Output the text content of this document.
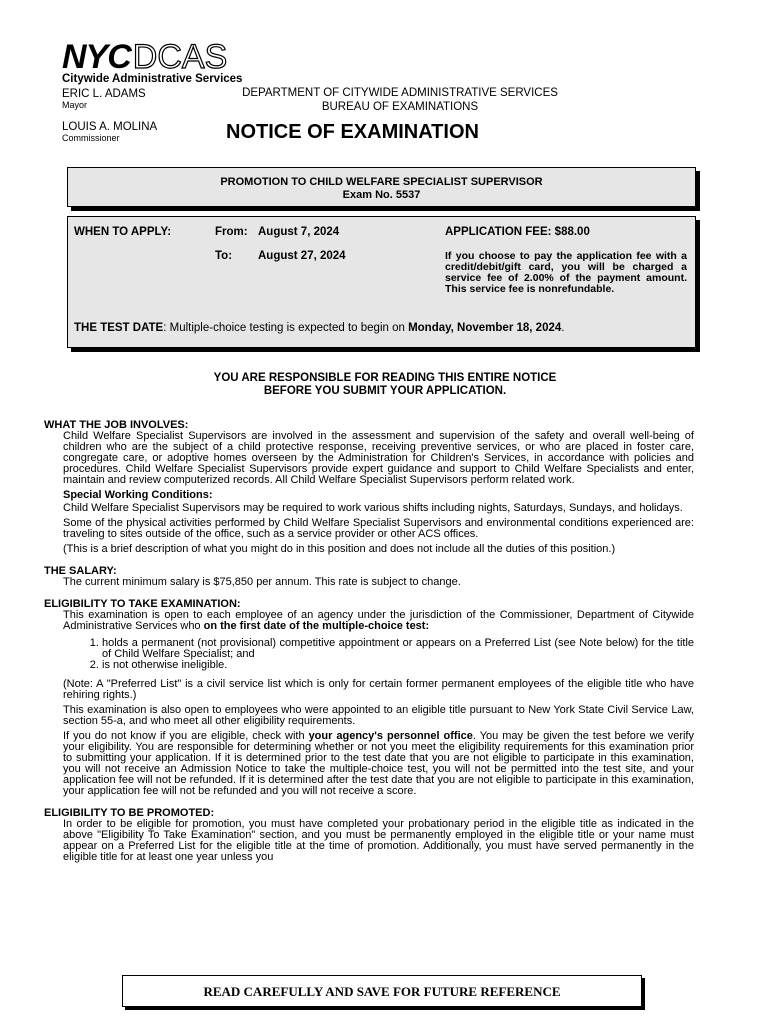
NYCDCAS
Citywide Administrative Services
ERIC L. ADAMS
Mayor
LOUIS A. MOLINA
Commissioner
DEPARTMENT OF CITYWIDE ADMINISTRATIVE SERVICES
BUREAU OF EXAMINATIONS
NOTICE OF EXAMINATION
PROMOTION TO CHILD WELFARE SPECIALIST SUPERVISOR
Exam No. 5537
WHEN TO APPLY:	From: August 7, 2024
To: August 27, 2024
APPLICATION FEE: $88.00
If you choose to pay the application fee with a credit/debit/gift card, you will be charged a service fee of 2.00% of the payment amount. This service fee is nonrefundable.
THE TEST DATE: Multiple-choice testing is expected to begin on Monday, November 18, 2024.
YOU ARE RESPONSIBLE FOR READING THIS ENTIRE NOTICE
BEFORE YOU SUBMIT YOUR APPLICATION.
WHAT THE JOB INVOLVES:

Child Welfare Specialist Supervisors are involved in the assessment and supervision of the safety and overall well-being of children who are the subject of a child protective response, receiving preventive services, or who are placed in foster care, congregate care, or adoptive homes overseen by the Administration for Children's Services, in accordance with policies and procedures. Child Welfare Specialist Supervisors provide expert guidance and support to Child Welfare Specialists and enter, maintain and review computerized records. All Child Welfare Specialist Supervisors perform related work.

Special Working Conditions:

Child Welfare Specialist Supervisors may be required to work various shifts including nights, Saturdays, Sundays, and holidays.

Some of the physical activities performed by Child Welfare Specialist Supervisors and environmental conditions experienced are: traveling to sites outside of the office, such as a service provider or other ACS offices.

(This is a brief description of what you might do in this position and does not include all the duties of this position.)

THE SALARY:

The current minimum salary is $75,850 per annum. This rate is subject to change.

ELIGIBILITY TO TAKE EXAMINATION:

This examination is open to each employee of an agency under the jurisdiction of the Commissioner, Department of Citywide Administrative Services who on the first date of the multiple-choice test:

1. holds a permanent (not provisional) competitive appointment or appears on a Preferred List (see Note below) for the title of Child Welfare Specialist; and
2. is not otherwise ineligible.

(Note: A "Preferred List" is a civil service list which is only for certain former permanent employees of the eligible title who have rehiring rights.)

This examination is also open to employees who were appointed to an eligible title pursuant to New York State Civil Service Law, section 55-a, and who meet all other eligibility requirements.

If you do not know if you are eligible, check with your agency's personnel office. You may be given the test before we verify your eligibility. You are responsible for determining whether or not you meet the eligibility requirements for this examination prior to submitting your application. If it is determined prior to the test date that you are not eligible to participate in this examination, you will not receive an Admission Notice to take the multiple-choice test, you will not be permitted into the test site, and your application fee will not be refunded. If it is determined after the test date that you are not eligible to participate in this examination, your application fee will not be refunded and you will not receive a score.

ELIGIBILITY TO BE PROMOTED:

In order to be eligible for promotion, you must have completed your probationary period in the eligible title as indicated in the above "Eligibility To Take Examination" section, and you must be permanently employed in the eligible title or your name must appear on a Preferred List for the eligible title at the time of promotion. Additionally, you must have served permanently in the eligible title for at least one year unless you

READ CAREFULLY AND SAVE FOR FUTURE REFERENCE
